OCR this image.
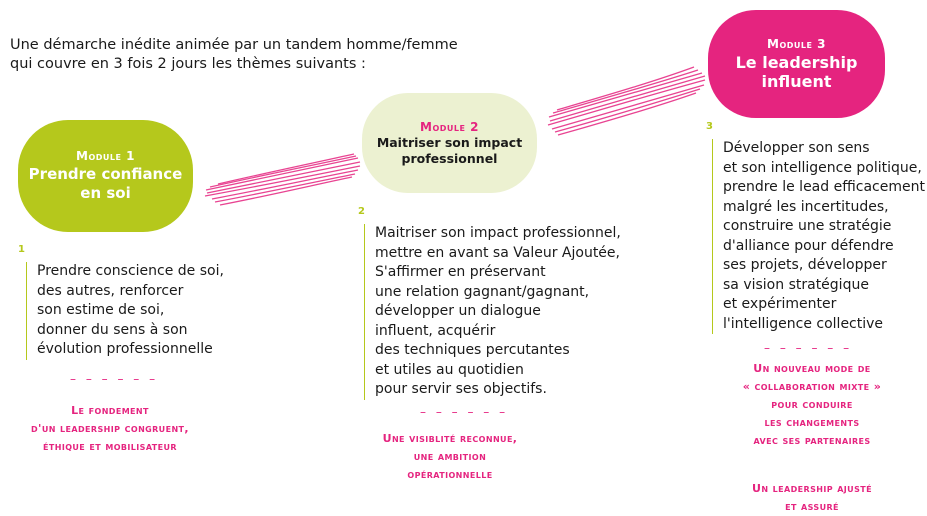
Une démarche inédite animée par un tandem homme/femme
qui couvre en 3 fois 2 jours les thèmes suivants :
Module 1
Prendre confiance
en soi
1
Prendre conscience de soi,
des autres, renforcer
son estime de soi,
donner du sens à son
évolution professionnelle
– – – – – –
Le fondement
d'un leadership congruent,
éthique et mobilisateur
Module 2
Maitriser son impact
professionnel
2
Maitriser son impact professionnel,
mettre en avant sa Valeur Ajoutée,
S'affirmer en préservant
une relation gagnant/gagnant,
développer un dialogue
influent, acquérir
des techniques percutantes
et utiles au quotidien
pour servir ses objectifs.
– – – – – –
Une visiblité reconnue,
une ambition
opérationnelle
Module 3
Le leadership
influent
3
Développer son sens
et son intelligence politique,
prendre le lead efficacement
malgré les incertitudes,
construire une stratégie
d'alliance pour défendre
ses projets, développer
sa vision stratégique
et expérimenter
l'intelligence collective
– – – – – –
Un nouveau mode de
« collaboration mixte »
pour conduire
les changements
avec ses partenaires
Un leadership ajusté
et assuré
